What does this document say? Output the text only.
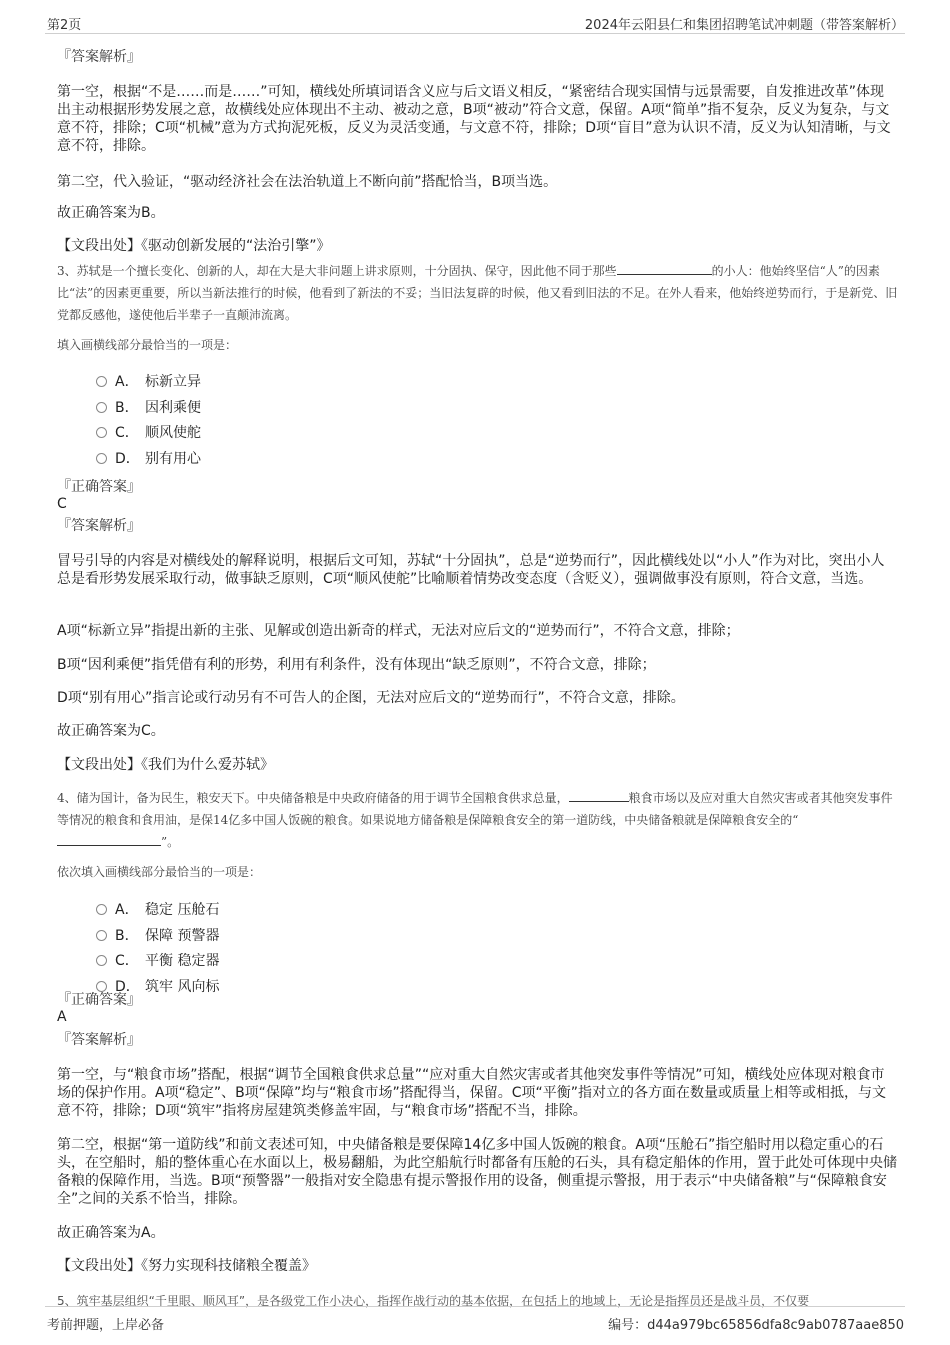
第2页	2024年云阳县仁和集团招聘笔试冲刺题（带答案解析）
『答案解析』
第一空，根据“不是……而是……”可知，横线处所填词语含义应与后文语义相反，“紧密结合现实国情与远景需要，自发推进改革”体现出主动根据形势发展之意，故横线处应体现出不主动、被动之意，B项“被动”符合文意，保留。A项“简单”指不复杂，反义为复杂，与文意不符，排除；C项“机械”意为方式拘泥死板，反义为灵活变通，与文意不符，排除；D项“盲目”意为认识不清，反义为认知清晰，与文意不符，排除。
第二空，代入验证，“驱动经济社会在法治轨道上不断向前”搭配恰当，B项当选。
故正确答案为B。
【文段出处】《驱动创新发展的“法治引擎”》
3、苏轼是一个擅长变化、创新的人，却在大是大非问题上讲求原则，十分固执、保守，因此他不同于那些	的小人：他始终坚信“人”的因素比“法”的因素更重要，所以当新法推行的时候，他看到了新法的不妥；当旧法复辟的时候，他又看到旧法的不足。在外人看来，他始终逆势而行，于是新党、旧党都反感他，遂使他后半辈子一直颠沛流离。
填入画横线部分最恰当的一项是：
A． 标新立异
B． 因利乘便
C． 顺风使舵
D． 别有用心
『正确答案』
C
『答案解析』
冒号引导的内容是对横线处的解释说明，根据后文可知，苏轼“十分固执”，总是“逆势而行”，因此横线处以“小人”作为对比，突出小人总是看形势发展采取行动，做事缺乏原则，C项“顺风使舵”比喻顺着情势改变态度（含贬义），强调做事没有原则，符合文意，当选。
A项“标新立异”指提出新的主张、见解或创造出新奇的样式，无法对应后文的“逆势而行”，不符合文意，排除；
B项“因利乘便”指凭借有利的形势，利用有利条件，没有体现出“缺乏原则”，不符合文意，排除；
D项“别有用心”指言论或行动另有不可告人的企图，无法对应后文的“逆势而行”，不符合文意，排除。
故正确答案为C。
【文段出处】《我们为什么爱苏轼》
4、储为国计，备为民生，粮安天下。中央储备粮是中央政府储备的用于调节全国粮食供求总量，	粮食市场以及应对重大自然灾害或者其他突发事件等情况的粮食和食用油，是保14亿多中国人饭碗的粮食。如果说地方储备粮是保障粮食安全的第一道防线，中央储备粮就是保障粮食安全的“”。
依次填入画横线部分最恰当的一项是：
A． 稳定 压舱石
B． 保障 预警器
C． 平衡 稳定器
D． 筑牢 风向标
『正确答案』
A
『答案解析』
第一空，与“粮食市场”搭配，根据“调节全国粮食供求总量”“应对重大自然灾害或者其他突发事件等情况”可知，横线处应体现对粮食市场的保护作用。A项“稳定”、B项“保障”均与“粮食市场”搭配得当，保留。C项“平衡”指对立的各方面在数量或质量上相等或相抵，与文意不符，排除；D项“筑牢”指将房屋建筑类修盖牢固，与“粮食市场”搭配不当，排除。
第二空，根据“第一道防线”和前文表述可知，中央储备粮是要保障14亿多中国人饭碗的粮食。A项“压舱石”指空船时用以稳定重心的石头，在空船时，船的整体重心在水面以上，极易翻船，为此空船航行时都备有压舱的石头，具有稳定船体的作用，置于此处可体现中央储备粮的保障作用，当选。B项“预警器”一般指对安全隐患有提示警报作用的设备，侧重提示警报，用于表示“中央储备粮”与“保障粮食安全”之间的关系不恰当，排除。
故正确答案为A。
【文段出处】《努力实现科技储粮全覆盖》
5、筑牢基层组织“千里眼、顺风耳”，是各级党工作小决心，指挥作战行动的基本依据，在包括上的地域上，无论是指挥员还是战斗员，不仅要
考前押题，上岸必备	编号：d44a979bc65856dfa8c9ab0787aae850
